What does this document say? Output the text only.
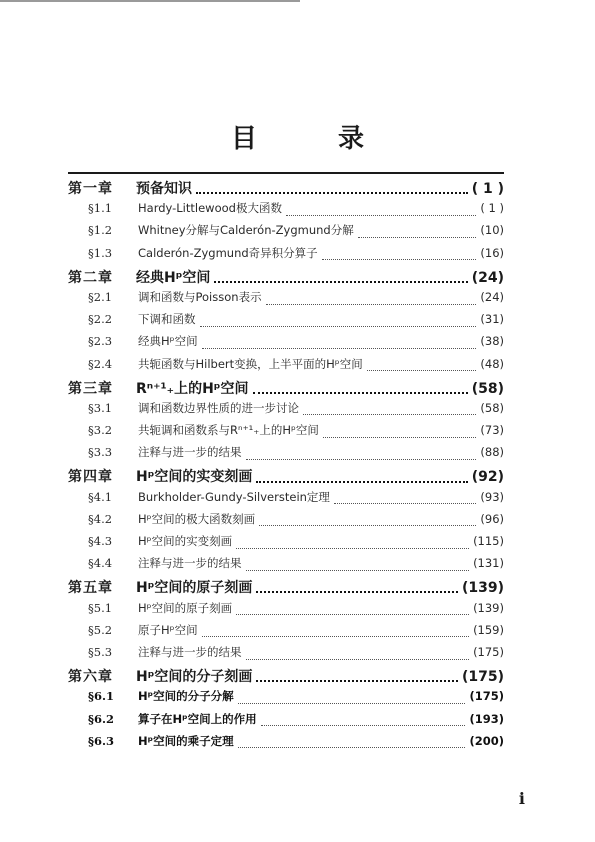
目 录
第一章	预备知识	( 1 )
§1.1	Hardy-Littlewood极大函数	( 1 )
§1.2	Whitney分解与Calderón-Zygmund分解	(10)
§1.3	Calderón-Zygmund奇异积分算子	(16)
第二章	经典Hᵖ空间	(24)
§2.1	调和函数与Poisson表示	(24)
§2.2	下调和函数	(31)
§2.3	经典Hᵖ空间	(38)
§2.4	共轭函数与Hilbert变换，上半平面的Hᵖ空间	(48)
第三章	Rⁿ⁺¹₊上的Hᵖ空间	(58)
§3.1	调和函数边界性质的进一步讨论	(58)
§3.2	共轭调和函数系与Rⁿ⁺¹₊上的Hᵖ空间	(73)
§3.3	注释与进一步的结果	(88)
第四章	Hᵖ空间的实变刻画	(92)
§4.1	Burkholder-Gundy-Silverstein定理	(93)
§4.2	Hᵖ空间的极大函数刻画	(96)
§4.3	Hᵖ空间的实变刻画	(115)
§4.4	注释与进一步的结果	(131)
第五章	Hᵖ空间的原子刻画	(139)
§5.1	Hᵖ空间的原子刻画	(139)
§5.2	原子Hᵖ空间	(159)
§5.3	注释与进一步的结果	(175)
第六章	Hᵖ空间的分子刻画	(175)
§6.1	Hᵖ空间的分子分解	(175)
§6.2	算子在Hᵖ空间上的作用	(193)
§6.3	Hᵖ空间的乘子定理	(200)
i
